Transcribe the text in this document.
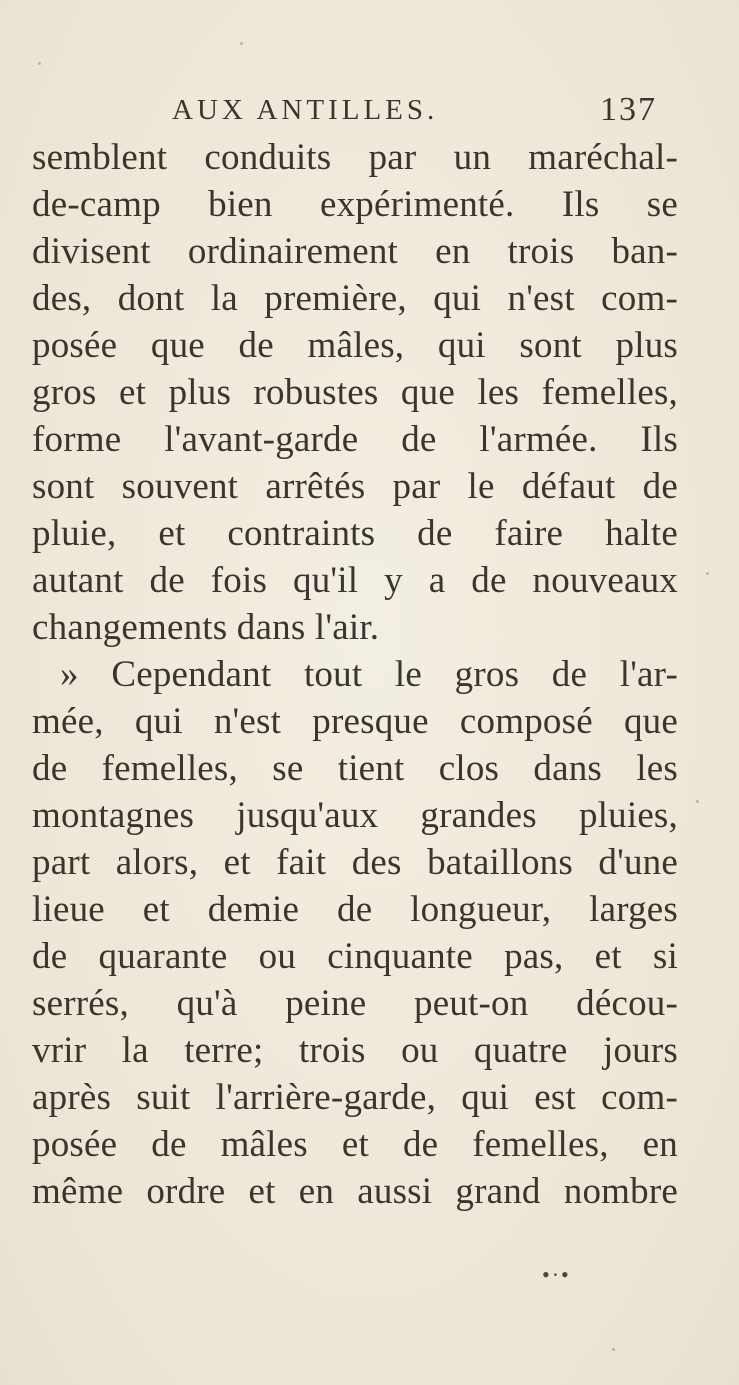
AUX ANTILLES.	137
semblent conduits par un maréchal-
de-camp bien expérimenté. Ils se
divisent ordinairement en trois ban-
des, dont la première, qui n'est com-
posée que de mâles, qui sont plus
gros et plus robustes que les femelles,
forme l'avant-garde de l'armée. Ils
sont souvent arrêtés par le défaut de
pluie, et contraints de faire halte
autant de fois qu'il y a de nouveaux
changements dans l'air.
» Cependant tout le gros de l'ar-
mée, qui n'est presque composé que
de femelles, se tient clos dans les
montagnes jusqu'aux grandes pluies,
part alors, et fait des bataillons d'une
lieue et demie de longueur, larges
de quarante ou cinquante pas, et si
serrés, qu'à peine peut-on décou-
vrir la terre; trois ou quatre jours
après suit l'arrière-garde, qui est com-
posée de mâles et de femelles, en
même ordre et en aussi grand nombre
•·•
